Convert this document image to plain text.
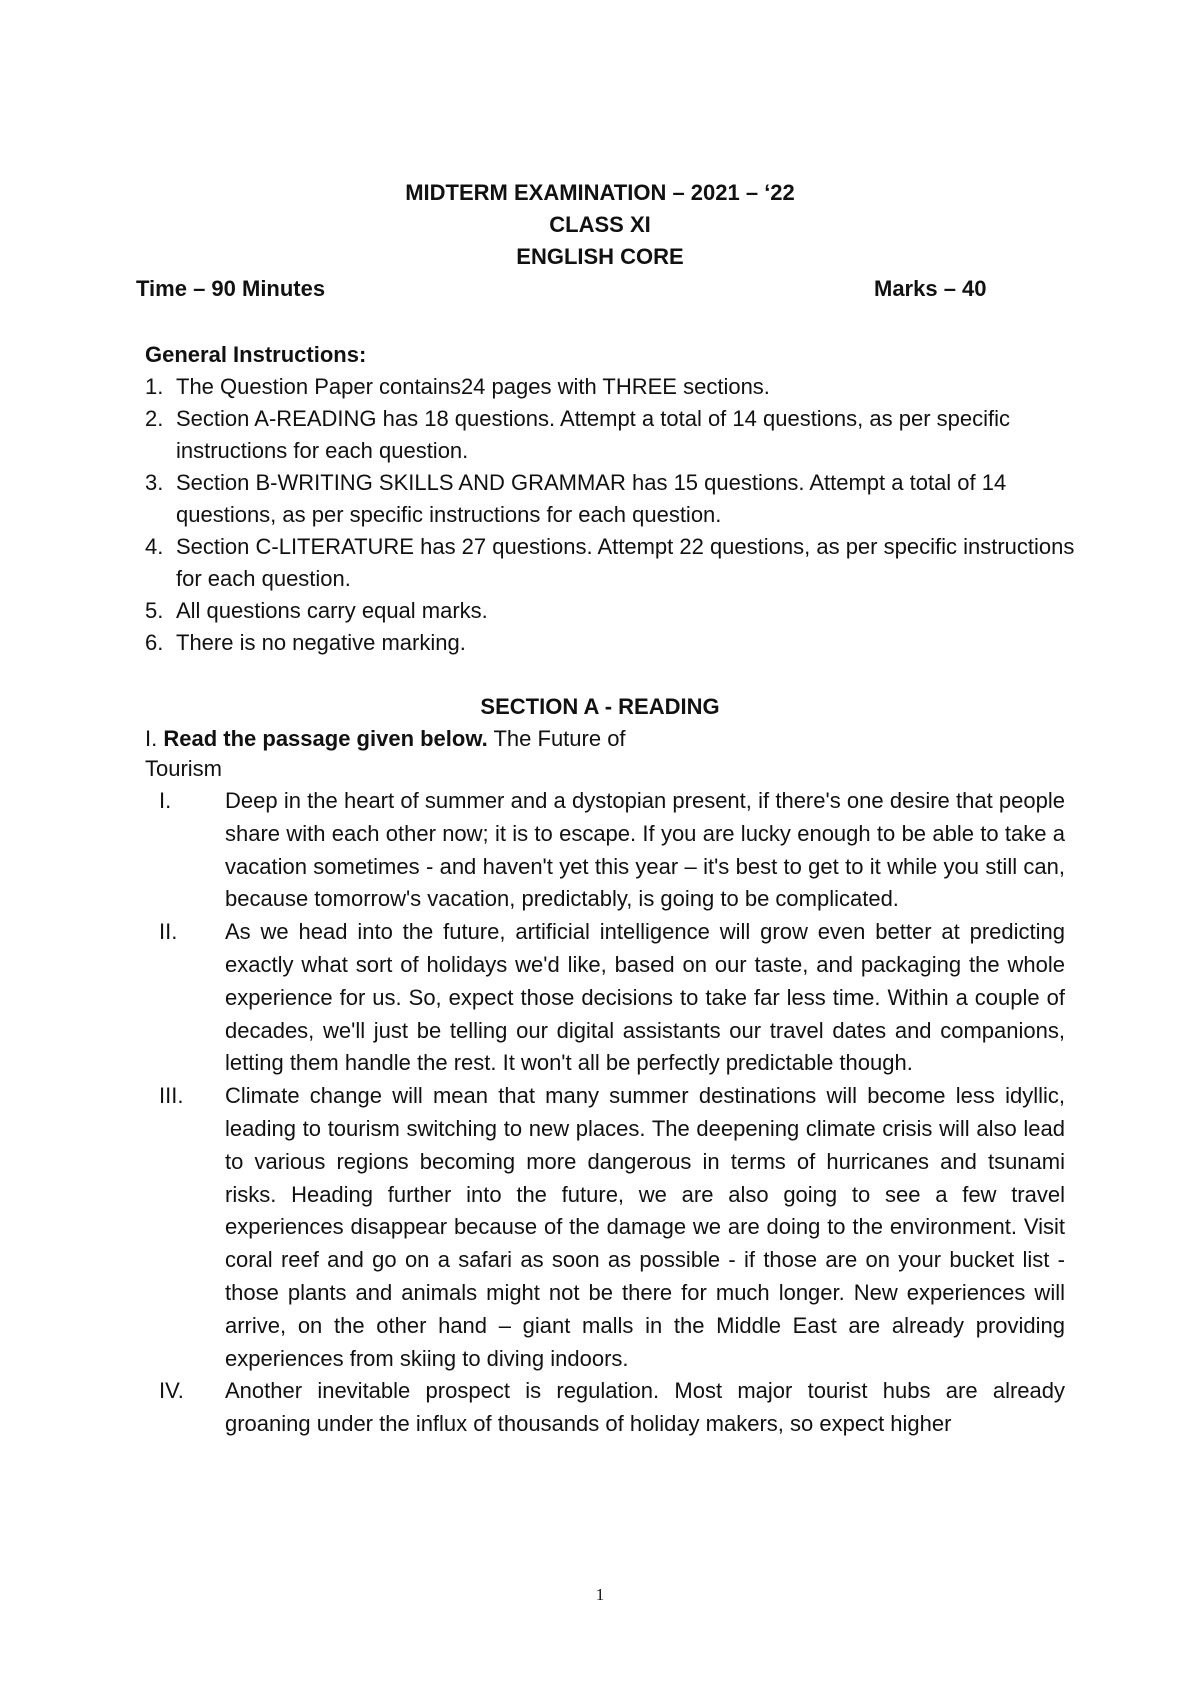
MIDTERM EXAMINATION – 2021 – ‘22
CLASS XI
ENGLISH CORE
Time – 90 Minutes	Marks – 40
General Instructions:
1. The Question Paper contains24 pages with THREE sections.
2. Section A-READING has 18 questions. Attempt a total of 14 questions, as per specific instructions for each question.
3. Section B-WRITING SKILLS AND GRAMMAR has 15 questions. Attempt a total of 14 questions, as per specific instructions for each question.
4. Section C-LITERATURE has 27 questions. Attempt 22 questions, as per specific instructions for each question.
5. All questions carry equal marks.
6. There is no negative marking.
SECTION A - READING
I. Read the passage given below. The Future of
Tourism
I. Deep in the heart of summer and a dystopian present, if there's one desire that people share with each other now; it is to escape. If you are lucky enough to be able to take a vacation sometimes - and haven't yet this year – it's best to get to it while you still can, because tomorrow's vacation, predictably, is going to be complicated.
II. As we head into the future, artificial intelligence will grow even better at predicting exactly what sort of holidays we'd like, based on our taste, and packaging the whole experience for us. So, expect those decisions to take far less time. Within a couple of decades, we'll just be telling our digital assistants our travel dates and companions, letting them handle the rest. It won't all be perfectly predictable though.
III. Climate change will mean that many summer destinations will become less idyllic, leading to tourism switching to new places. The deepening climate crisis will also lead to various regions becoming more dangerous in terms of hurricanes and tsunami risks. Heading further into the future, we are also going to see a few travel experiences disappear because of the damage we are doing to the environment. Visit coral reef and go on a safari as soon as possible - if those are on your bucket list - those plants and animals might not be there for much longer. New experiences will arrive, on the other hand – giant malls in the Middle East are already providing experiences from skiing to diving indoors.
IV. Another inevitable prospect is regulation. Most major tourist hubs are already groaning under the influx of thousands of holiday makers, so expect higher
1
